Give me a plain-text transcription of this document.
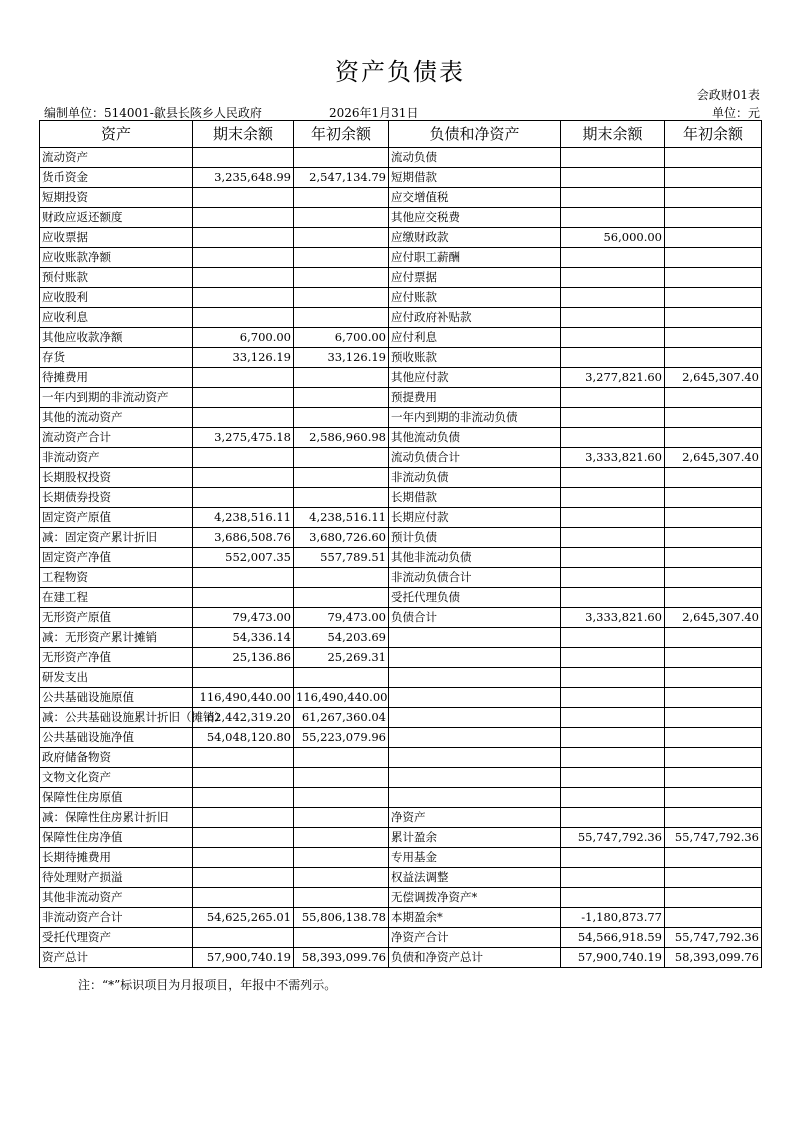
资产负债表
会政财01表
编制单位：514001-歙县长陔乡人民政府	2026年1月31日	单位：元
资产	期末余额	年初余额	负债和净资产	期末余额	年初余额
流动资产			流动负债		
货币资金	3,235,648.99	2,547,134.79	短期借款		
短期投资			应交增值税		
财政应返还额度			其他应交税费		
应收票据			应缴财政款	56,000.00	
应收账款净额			应付职工薪酬		
预付账款			应付票据		
应收股利			应付账款		
应收利息			应付政府补贴款		
其他应收款净额	6,700.00	6,700.00	应付利息		
存货	33,126.19	33,126.19	预收账款		
待摊费用			其他应付款	3,277,821.60	2,645,307.40
一年内到期的非流动资产			预提费用		
其他的流动资产			一年内到期的非流动负债		
流动资产合计	3,275,475.18	2,586,960.98	其他流动负债		
非流动资产			流动负债合计	3,333,821.60	2,645,307.40
长期股权投资			非流动负债		
长期债券投资			长期借款		
固定资产原值	4,238,516.11	4,238,516.11	长期应付款		
减：固定资产累计折旧	3,686,508.76	3,680,726.60	预计负债		
固定资产净值	552,007.35	557,789.51	其他非流动负债		
工程物资			非流动负债合计		
在建工程			受托代理负债		
无形资产原值	79,473.00	79,473.00	负债合计	3,333,821.60	2,645,307.40
减：无形资产累计摊销	54,336.14	54,203.69			
无形资产净值	25,136.86	25,269.31			
研发支出					
公共基础设施原值	116,490,440.00	116,490,440.00			
减：公共基础设施累计折旧（摊销）	62,442,319.20	61,267,360.04			
公共基础设施净值	54,048,120.80	55,223,079.96			
政府储备物资					
文物文化资产					
保障性住房原值					
减：保障性住房累计折旧			净资产		
保障性住房净值			累计盈余	55,747,792.36	55,747,792.36
长期待摊费用			专用基金		
待处理财产损溢			权益法调整		
其他非流动资产			无偿调拨净资产*		
非流动资产合计	54,625,265.01	55,806,138.78	本期盈余*	-1,180,873.77	
受托代理资产			净资产合计	54,566,918.59	55,747,792.36
资产总计	57,900,740.19	58,393,099.76	负债和净资产总计	57,900,740.19	58,393,099.76
注：“*”标识项目为月报项目，年报中不需列示。
